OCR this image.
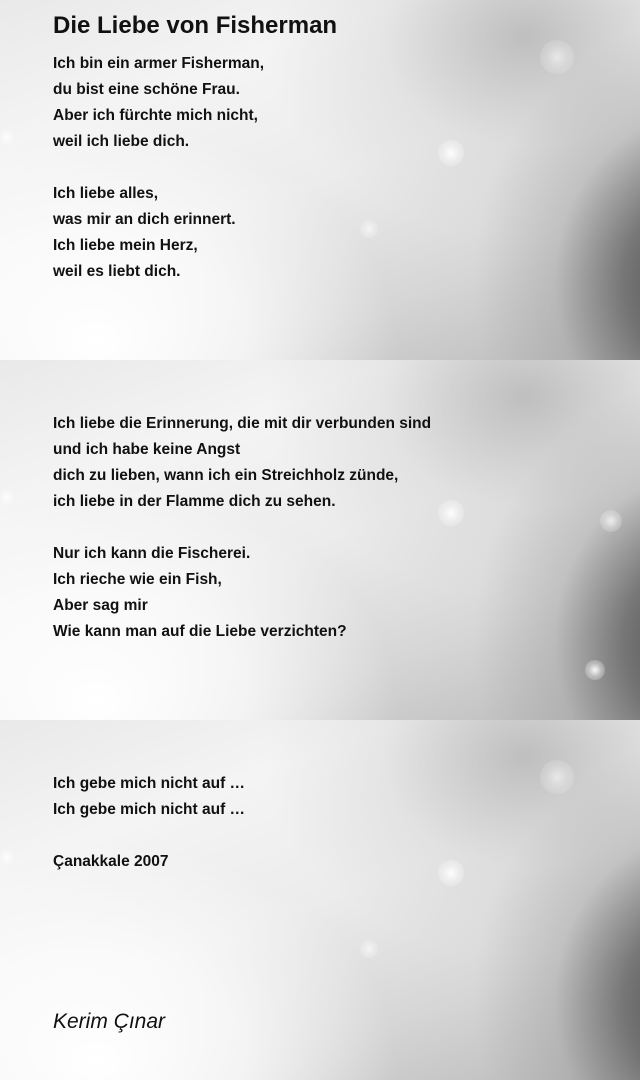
Die Liebe von Fisherman
Ich bin ein armer Fisherman,
du bist eine schöne Frau.
Aber ich fürchte mich nicht,
weil ich liebe dich.
Ich liebe alles,
was mir an dich erinnert.
Ich liebe mein Herz,
weil es liebt dich.
Ich liebe die Erinnerung, die mit dir verbunden sind
und ich habe keine Angst
dich zu lieben, wann ich ein Streichholz zünde,
ich liebe in der Flamme dich zu sehen.
Nur ich kann die Fischerei.
Ich rieche wie ein Fish,
Aber sag mir
Wie kann man auf die Liebe verzichten?
Ich gebe mich nicht auf …
Ich gebe mich nicht auf …
Çanakkale 2007
Kerim Çınar
